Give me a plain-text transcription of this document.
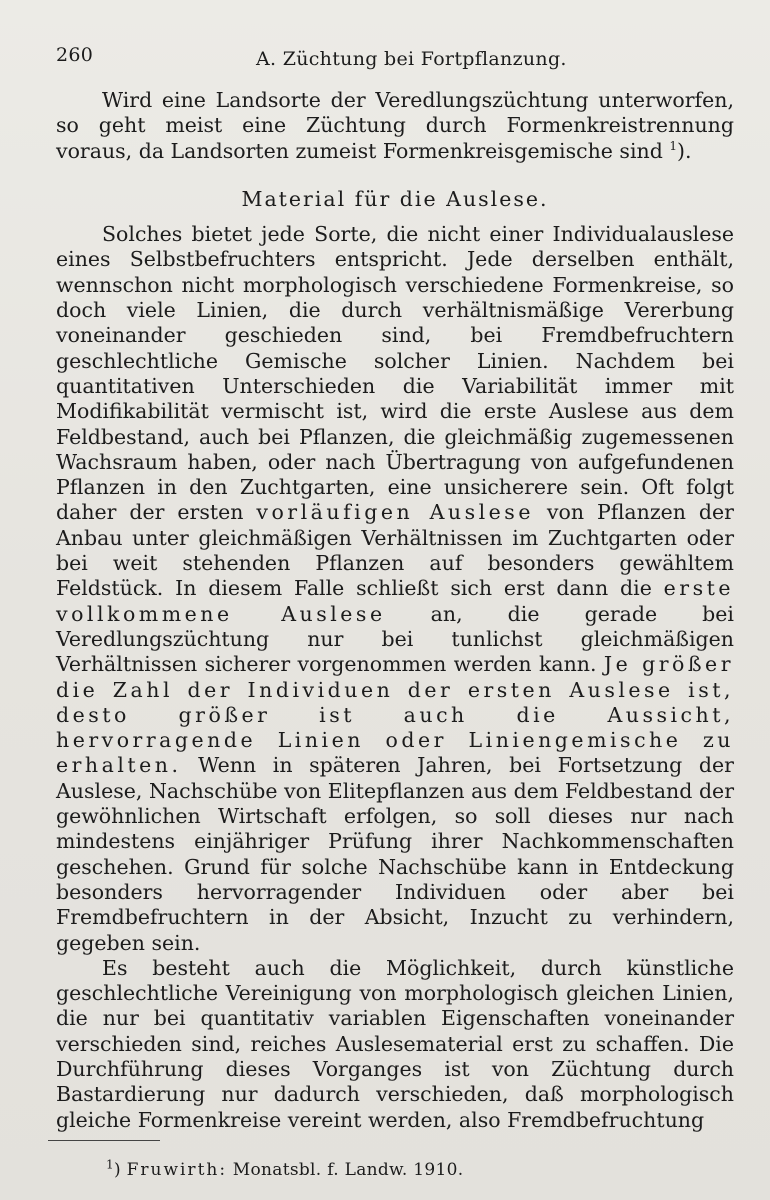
260	A. Züchtung bei Fortpflanzung.

Wird eine Landsorte der Veredlungszüchtung unterworfen, so geht meist eine Züchtung durch Formenkreistrennung voraus, da Landsorten zumeist Formenkreisgemische sind $^1$).

Material für die Auslese.

Solches bietet jede Sorte, die nicht einer Individualauslese eines Selbstbefruchters entspricht. Jede derselben enthält, wennschon nicht morphologisch verschiedene Formenkreise, so doch viele Linien, die durch verhältnismäßige Vererbung voneinander geschieden sind, bei Fremdbefruchtern geschlechtliche Gemische solcher Linien. Nachdem bei quantitativen Unterschieden die Variabilität immer mit Modifikabilität vermischt ist, wird die erste Auslese aus dem Feldbestand, auch bei Pflanzen, die gleichmäßig zugemessenen Wachsraum haben, oder nach Übertragung von aufgefundenen Pflanzen in den Zuchtgarten, eine unsicherere sein. Oft folgt daher der ersten vorläufigen Auslese von Pflanzen der Anbau unter gleichmäßigen Verhältnissen im Zuchtgarten oder bei weit stehenden Pflanzen auf besonders gewähltem Feldstück. In diesem Falle schließt sich erst dann die erste vollkommene Auslese an, die gerade bei Veredlungszüchtung nur bei tunlichst gleichmäßigen Verhältnissen sicherer vorgenommen werden kann. Je größer die Zahl der Individuen der ersten Auslese ist, desto größer ist auch die Aussicht, hervorragende Linien oder Liniengemische zu erhalten. Wenn in späteren Jahren, bei Fortsetzung der Auslese, Nachschübe von Elitepflanzen aus dem Feldbestand der gewöhnlichen Wirtschaft erfolgen, so soll dieses nur nach mindestens einjähriger Prüfung ihrer Nachkommenschaften geschehen. Grund für solche Nachschübe kann in Entdeckung besonders hervorragender Individuen oder aber bei Fremdbefruchtern in der Absicht, Inzucht zu verhindern, gegeben sein.

Es besteht auch die Möglichkeit, durch künstliche geschlechtliche Vereinigung von morphologisch gleichen Linien, die nur bei quantitativ variablen Eigenschaften voneinander verschieden sind, reiches Auslesematerial erst zu schaffen. Die Durchführung dieses Vorganges ist von Züchtung durch Bastardierung nur dadurch verschieden, daß morphologisch gleiche Formenkreise vereint werden, also Fremdbefruchtung

$^1$) Fruwirth: Monatsbl. f. Landw. 1910.
